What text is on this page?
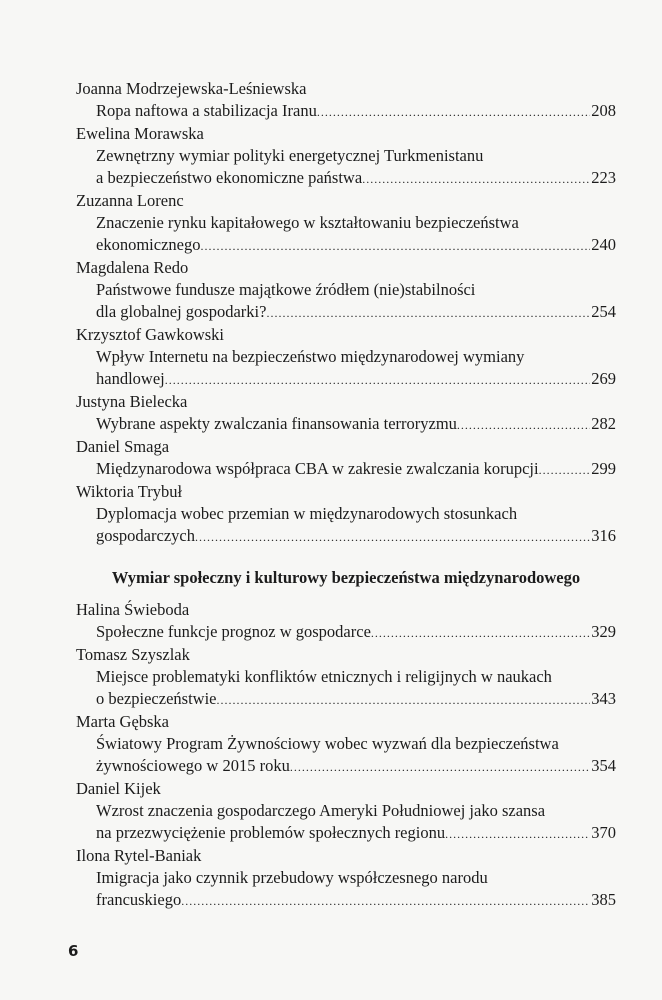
Joanna Modrzejewska-Leśniewska
Ropa naftowa a stabilizacja Iranu .....	208
Ewelina Morawska
Zewnętrzny wymiar polityki energetycznej Turkmenistanu
a bezpieczeństwo ekonomiczne państwa .....	223
Zuzanna Lorenc
Znaczenie rynku kapitałowego w kształtowaniu bezpieczeństwa
ekonomicznego .....	240
Magdalena Redo
Państwowe fundusze majątkowe źródłem (nie)stabilności
dla globalnej gospodarki? .....	254
Krzysztof Gawkowski
Wpływ Internetu na bezpieczeństwo międzynarodowej wymiany
handlowej .....	269
Justyna Bielecka
Wybrane aspekty zwalczania finansowania terroryzmu .....	282
Daniel Smaga
Międzynarodowa współpraca CBA w zakresie zwalczania korupcji .....	299
Wiktoria Trybuł
Dyplomacja wobec przemian w międzynarodowych stosunkach
gospodarczych .....	316
Wymiar społeczny i kulturowy bezpieczeństwa międzynarodowego
Halina Świeboda
Społeczne funkcje prognoz w gospodarce .....	329
Tomasz Szyszlak
Miejsce problematyki konfliktów etnicznych i religijnych w naukach
o bezpieczeństwie .....	343
Marta Gębska
Światowy Program Żywnościowy wobec wyzwań dla bezpieczeństwa
żywnościowego w 2015 roku .....	354
Daniel Kijek
Wzrost znaczenia gospodarczego Ameryki Południowej jako szansa
na przezwyciężenie problemów społecznych regionu .....	370
Ilona Rytel-Baniak
Imigracja jako czynnik przebudowy współczesnego narodu
francuskiego .....	385
6
